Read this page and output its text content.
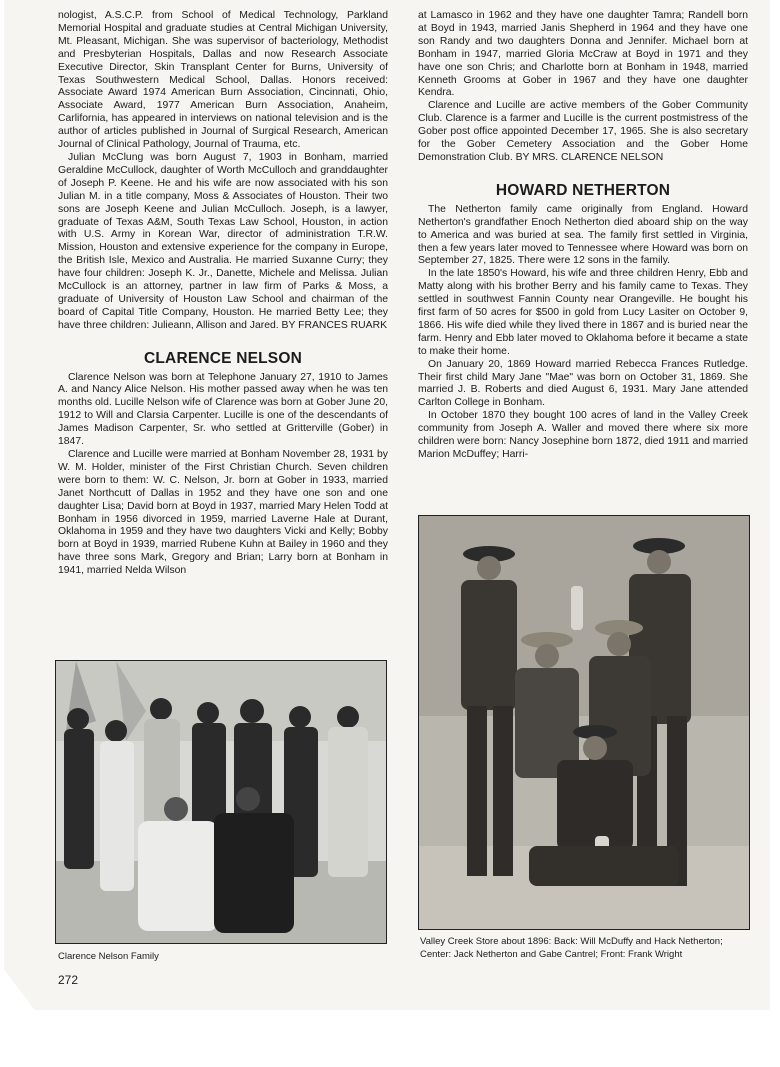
nologist, A.S.C.P. from School of Medical Technology, Parkland Memorial Hospital and graduate studies at Central Michigan University, Mt. Pleasant, Michigan. She was supervisor of bacteriology, Methodist and Presbyterian Hospitals, Dallas and now Research Associate Executive Director, Skin Transplant Center for Burns, University of Texas Southwestern Medical School, Dallas. Honors received: Associate Award 1974 American Burn Association, Cincinnati, Ohio, Associate Award, 1977 American Burn Association, Anaheim, Carlifornia, has appeared in interviews on national television and is the author of articles published in Journal of Surgical Research, American Journal of Clinical Pathology, Journal of Trauma, etc.

Julian McClung was born August 7, 1903 in Bonham, married Geraldine McCullock, daughter of Worth McCulloch and granddaughter of Joseph P. Keene. He and his wife are now associated with his son Julian M. in a title company, Moss & Associates of Houston. Their two sons are Joseph Keene and Julian McCulloch. Joseph, is a lawyer, graduate of Texas A&M, South Texas Law School, Houston, in action with U.S. Army in Korean War, director of administration T.R.W. Mission, Houston and extensive experience for the company in Europe, the British Isle, Mexico and Australia. He married Suxanne Curry; they have four children: Joseph K. Jr., Danette, Michele and Melissa. Julian McCullock is an attorney, partner in law firm of Parks & Moss, a graduate of University of Houston Law School and chairman of the board of Capital Title Company, Houston. He married Betty Lee; they have three children: Julieann, Allison and Jared. BY FRANCES RUARK

CLARENCE NELSON

Clarence Nelson was born at Telephone January 27, 1910 to James A. and Nancy Alice Nelson. His mother passed away when he was ten months old. Lucille Nelson wife of Clarence was born at Gober June 20, 1912 to Will and Clarsia Carpenter. Lucille is one of the descendants of James Madison Carpenter, Sr. who settled at Gritterville (Gober) in 1847.

Clarence and Lucille were married at Bonham November 28, 1931 by W. M. Holder, minister of the First Christian Church. Seven children were born to them: W. C. Nelson, Jr. born at Gober in 1933, married Janet Northcutt of Dallas in 1952 and they have one son and one daughter Lisa; David born at Boyd in 1937, married Mary Helen Todd at Bonham in 1956 divorced in 1959, married Laverne Hale at Durant, Oklahoma in 1959 and they have two daughters Vicki and Kelly; Bobby born at Boyd in 1939, married Rubene Kuhn at Bailey in 1960 and they have three sons Mark, Gregory and Brian; Larry born at Bonham in 1941, married Nelda Wilson

Clarence Nelson Family

at Lamasco in 1962 and they have one daughter Tamra; Randell born at Boyd in 1943, married Janis Shepherd in 1964 and they have one son Randy and two daughters Donna and Jennifer. Michael born at Bonham in 1947, married Gloria McCraw at Boyd in 1971 and they have one son Chris; and Charlotte born at Bonham in 1948, married Kenneth Grooms at Gober in 1967 and they have one daughter Kendra.

Clarence and Lucille are active members of the Gober Community Club. Clarence is a farmer and Lucille is the current postmistress of the Gober post office appointed December 17, 1965. She is also secretary for the Gober Cemetery Association and the Gober Home Demonstration Club. BY MRS. CLARENCE NELSON

HOWARD NETHERTON

The Netherton family came originally from England. Howard Netherton's grandfather Enoch Netherton died aboard ship on the way to America and was buried at sea. The family first settled in Virginia, then a few years later moved to Tennessee where Howard was born on September 27, 1825. There were 12 sons in the family.

In the late 1850's Howard, his wife and three children Henry, Ebb and Matty along with his brother Berry and his family came to Texas. They settled in southwest Fannin County near Orangeville. He bought his first farm of 50 acres for $500 in gold from Lucy Lasiter on October 9, 1866. His wife died while they lived there in 1867 and is buried near the farm. Henry and Ebb later moved to Oklahoma before it became a state to make their home.

On January 20, 1869 Howard married Rebecca Frances Rutledge. Their first child Mary Jane "Mae" was born on October 31, 1869. She married J. B. Roberts and died August 6, 1931. Mary Jane attended Carlton College in Bonham.

In October 1870 they bought 100 acres of land in the Valley Creek community from Joseph A. Waller and moved there where six more children were born: Nancy Josephine born 1872, died 1911 and married Marion McDuffey; Harri-

Valley Creek Store about 1896: Back: Will McDuffy and Hack Netherton; Center: Jack Netherton and Gabe Cantrel; Front: Frank Wright
272
